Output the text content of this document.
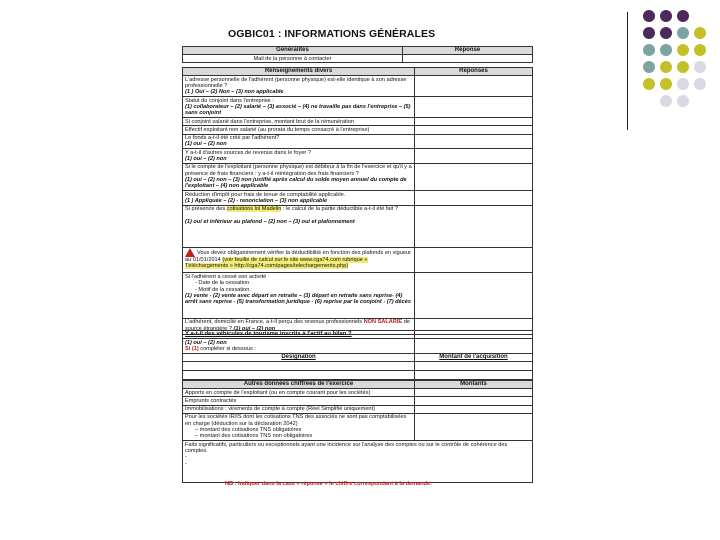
OGBIC01 : INFORMATIONS GÉNÉRALES
Généralités	Réponse
Mail de la personne à contacter	
Renseignements divers	Réponses
L'adresse personnelle de l'adhérent (personne physique) est-elle identique à son adresse professionnelle ?
(1 ) Oui – (2) Non – (3) non applicable	
Statut du conjoint dans l'entreprise :
(1) collaborateur – (2) salarié – (3) associé – (4) ne travaille pas dans l'entreprise – (5) sans conjoint	
Si conjoint salarié dans l'entreprise, montant brut de la rémunération	
Effectif exploitant non salarié (au prorata du temps consacré à l'entreprise)	
Le fonds a-t-il été créé par l'adhérent?
(1) oui – (2) non	
Y a-t-il d'autres sources de revenus dans le foyer ?
(1) oui – (2) non	
Si le compte de l'exploitant (personne physique) est débiteur à la fin de l'exercice et qu'il y a présence de frais financiers : y a-t-il réintégration des frais financiers ?
(1) oui – (2) non – (3) non justifié après calcul du solde moyen annuel du compte de l'exploitant – (4) non applicable	
Réduction d'impôt pour frais de tenue de comptabilité applicable.
(1 ) Appliquée – (2) - renonciation – (3) non applicable	
Si présence des cotisations loi Madelin : le calcul de la partie déductible a-t-il été fait ?

(1) oui et inférieur au plafond – (2) non – (3) oui et plafonnement	
Vous devez obligatoirement vérifier la déductibilité en fonction des plafonds en vigueur au 01/01/2014 (voir feuille de calcul sur le site www.cga74.com rubrique « Téléchargements » http://cga74.com/pages/telechargements.php)	
Si l'adhérent a cessé son activité
- Date de la cessation
- Motif de la cessation
(1) vente - (2) vente avec départ en retraite – (3) départ en retraite sans reprise- (4) arrêt sans reprise - (5) transformation juridique - (6) reprise par le conjoint - (7) décès	
L'adhérent, domicilié en France, a-t-il perçu des revenus professionnels NON SALARIE de source étrangère ? (1) oui – (2) non	
Y a-t-il des véhicules de tourisme inscrits à l'actif au bilan ?	
(1) oui – (2) non
Si (1) compléter si dessous :	
Désignation	Montant de l'acquisition

Autres données chiffrées de l'exercice	Montants
Apports en compte de l'exploitant (ou en compte courant pour les sociétés)	
Emprunts contractés	
Immobilisations : virements de compte à compte (Réel Simplifié uniquement)	
Pour les sociétés IR/IS dont les cotisations TNS des associés ne sont pas comptabilisées en charge (déduction sur la déclaration 2042)
– montant des cotisations TNS obligatoires
– montant des cotisations TNS non obligatoires	

Faits significatifs, particuliers ou exceptionnels ayant une incidence sur l'analyse des comptes ou sur le contrôle de cohérence des comptes.
-
-	
NB : Indiquer dans la case « réponse » le chiffre correspondant à la demande.
